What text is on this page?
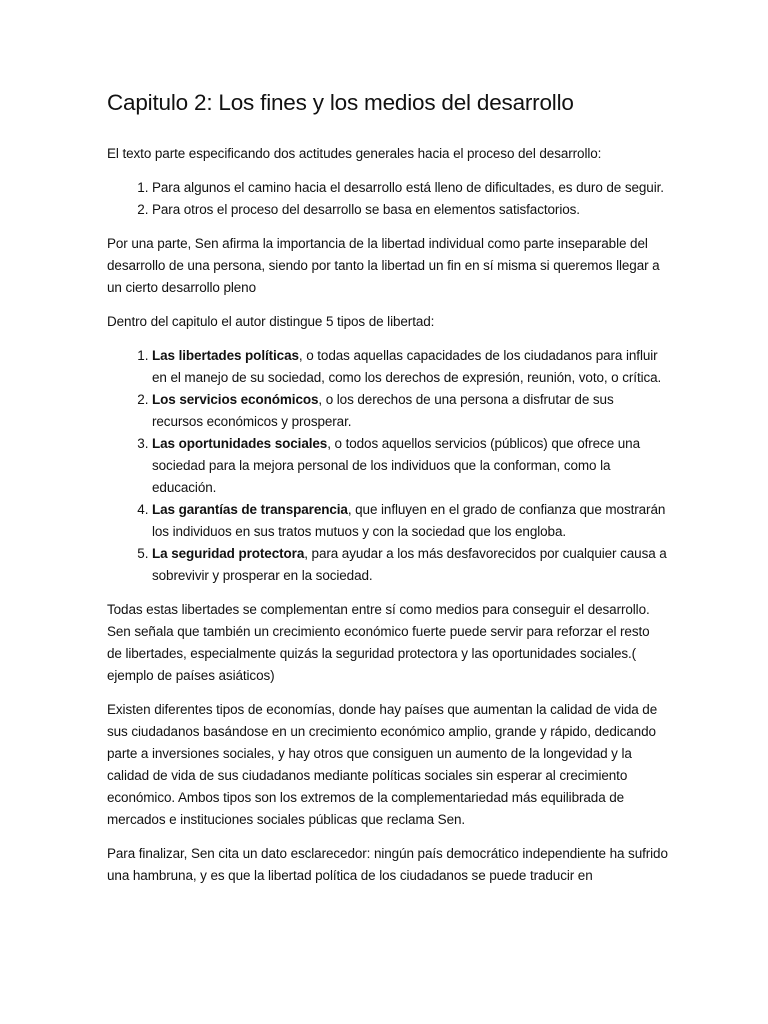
Capitulo 2: Los fines y los medios del desarrollo

El texto parte especificando dos actitudes generales hacia el proceso del desarrollo:

1. Para algunos el camino hacia el desarrollo está lleno de dificultades, es duro de seguir.
2. Para otros el proceso del desarrollo se basa en elementos satisfactorios.

Por una parte, Sen afirma la importancia de la libertad individual como parte inseparable del desarrollo de una persona, siendo por tanto la libertad un fin en sí misma si queremos llegar a un cierto desarrollo pleno

Dentro del capitulo el autor distingue 5 tipos de libertad:

1. Las libertades políticas, o todas aquellas capacidades de los ciudadanos para influir en el manejo de su sociedad, como los derechos de expresión, reunión, voto, o crítica.
2. Los servicios económicos, o los derechos de una persona a disfrutar de sus recursos económicos y prosperar.
3. Las oportunidades sociales, o todos aquellos servicios (públicos) que ofrece una sociedad para la mejora personal de los individuos que la conforman, como la educación.
4. Las garantías de transparencia, que influyen en el grado de confianza que mostrarán los individuos en sus tratos mutuos y con la sociedad que los engloba.
5. La seguridad protectora, para ayudar a los más desfavorecidos por cualquier causa a sobrevivir y prosperar en la sociedad.

Todas estas libertades se complementan entre sí como medios para conseguir el desarrollo. Sen señala que también un crecimiento económico fuerte puede servir para reforzar el resto de libertades, especialmente quizás la seguridad protectora y las oportunidades sociales.( ejemplo de países asiáticos)

Existen diferentes tipos de economías, donde hay países que aumentan la calidad de vida de sus ciudadanos basándose en un crecimiento económico amplio, grande y rápido, dedicando parte a inversiones sociales, y hay otros que consiguen un aumento de la longevidad y la calidad de vida de sus ciudadanos mediante políticas sociales sin esperar al crecimiento económico. Ambos tipos son los extremos de la complementariedad más equilibrada de mercados e instituciones sociales públicas que reclama Sen.

Para finalizar, Sen cita un dato esclarecedor: ningún país democrático independiente ha sufrido una hambruna, y es que la libertad política de los ciudadanos se puede traducir en
